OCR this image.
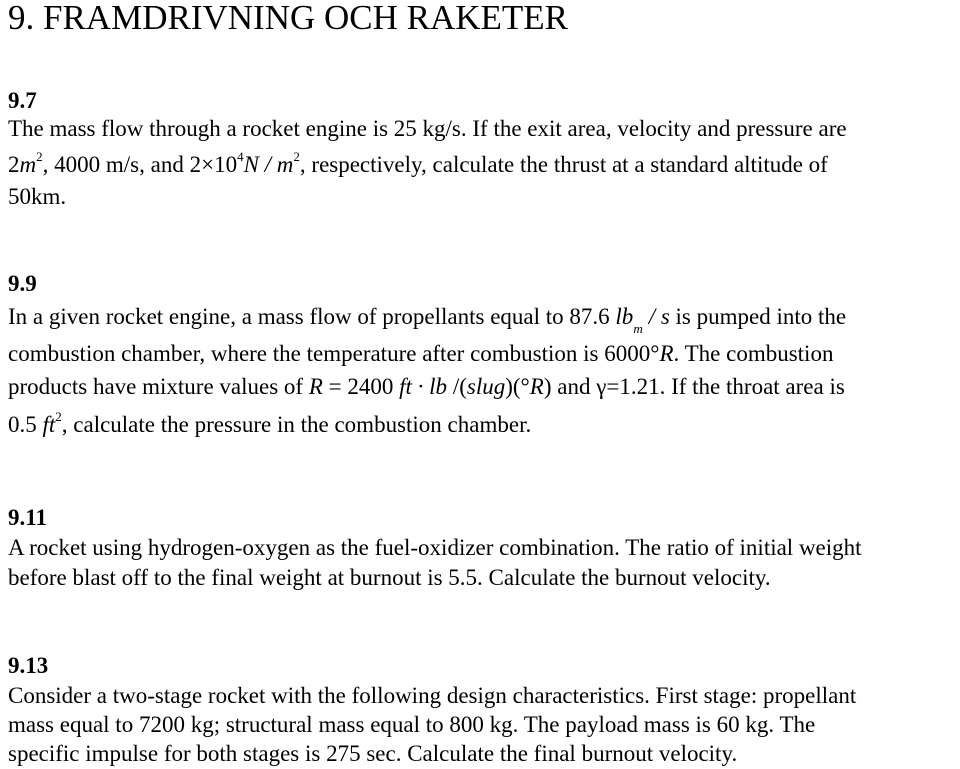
9. FRAMDRIVNING OCH RAKETER
9.7
The mass flow through a rocket engine is 25 kg/s. If the exit area, velocity and pressure are
$2m^2$, 4000 m/s, and $2\times 10^4N / m^2$, respectively, calculate the thrust at a standard altitude of
50km.
9.9
In a given rocket engine, a mass flow of propellants equal to 87.6 $lb_m$ / s is pumped into the
combustion chamber, where the temperature after combustion is 6000°R. The combustion
products have mixture values of R = 2400 ft · lb /(slug)(°R) and γ=1.21. If the throat area is
0.5 $ft^2$, calculate the pressure in the combustion chamber.
9.11
A rocket using hydrogen-oxygen as the fuel-oxidizer combination. The ratio of initial weight
before blast off to the final weight at burnout is 5.5. Calculate the burnout velocity.
9.13
Consider a two-stage rocket with the following design characteristics. First stage: propellant
mass equal to 7200 kg; structural mass equal to 800 kg. The payload mass is 60 kg. The
specific impulse for both stages is 275 sec. Calculate the final burnout velocity.
